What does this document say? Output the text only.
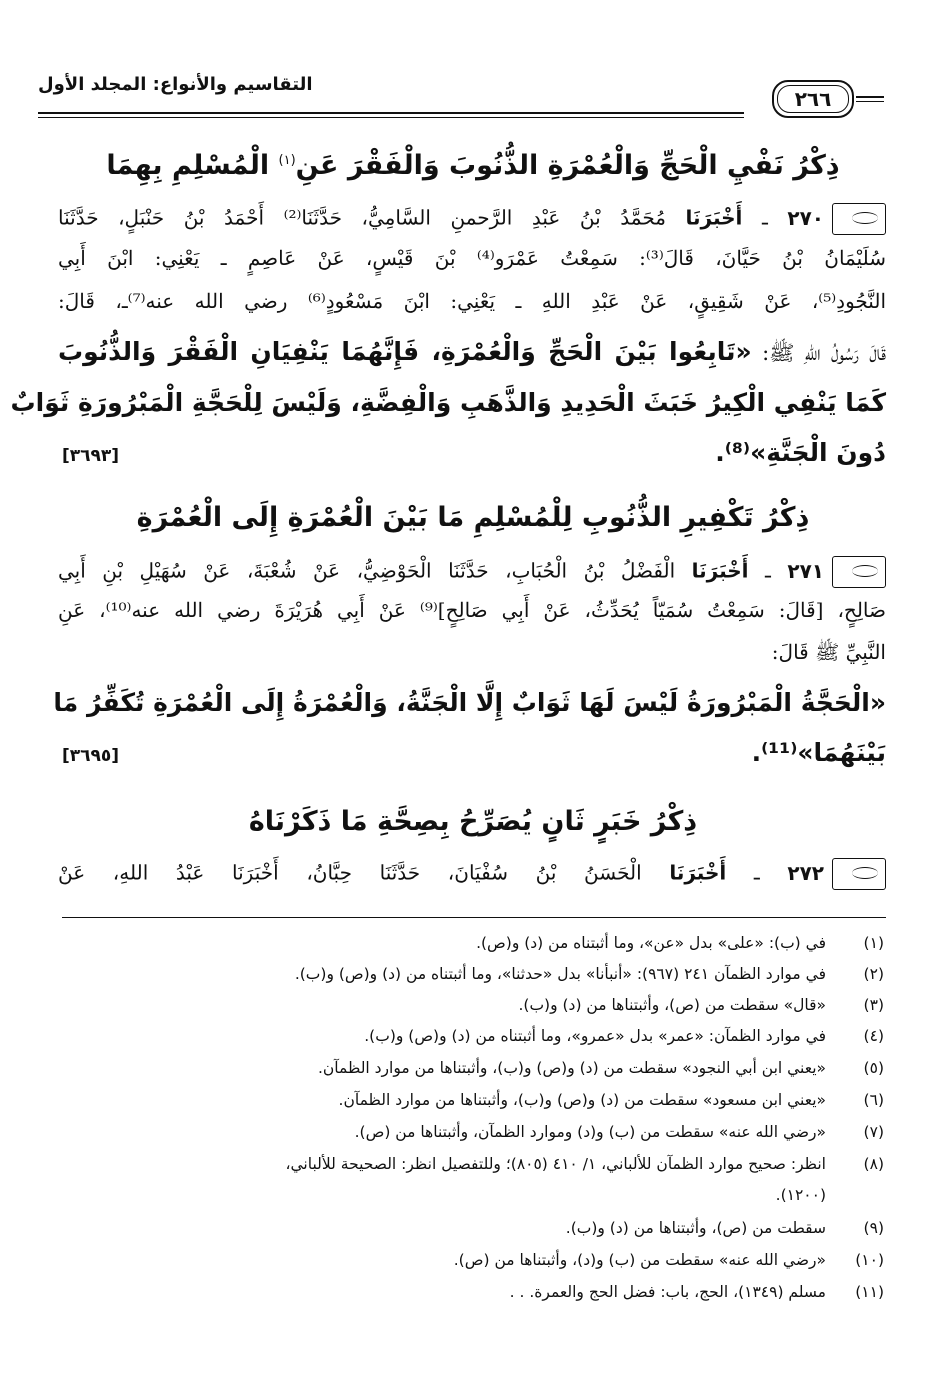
٢٦٦
التقاسيم والأنواع: المجلد الأول
ذِكْرُ نَفْيِ الْحَجِّ وَالْعُمْرَةِ الذُّنُوبَ وَالْفَقْرَ عَنِ$^{(١)}$ الْمُسْلِمِ بِهِمَا
٢٧٠ ـ أَخْبَرَنَا مُحَمَّدُ بْنُ عَبْدِ الرَّحمنِ السَّامِيُّ، حَدَّثَنَا⁽²⁾ أَحْمَدُ بْنُ حَنْبَلٍ، حَدَّثَنَا
سُلَيْمَانُ بْنُ حَيَّانَ، قَالَ⁽³⁾: سَمِعْتُ عَمْرَو⁽⁴⁾ بْنَ قَيْسٍ، عَنْ عَاصِمٍ ـ يَعْنِي: ابْنَ أَبِي
النَّجُودِ⁽⁵⁾، عَنْ شَقِيقٍ، عَنْ عَبْدِ اللهِ ـ يَعْنِي: ابْنَ مَسْعُودٍ⁽⁶⁾ رضي الله عنه⁽⁷⁾ـ، قَالَ:
قَالَ رَسُولُ اللهِ ﷺ: «تَابِعُوا بَيْنَ الْحَجِّ وَالْعُمْرَةِ، فَإِنَّهُمَا يَنْفِيَانِ الْفَقْرَ وَالذُّنُوبَ
كَمَا يَنْفِي الْكِيرُ خَبَثَ الْحَدِيدِ وَالذَّهَبِ وَالْفِضَّةِ، وَلَيْسَ لِلْحَجَّةِ الْمَبْرُورَةِ ثَوَابٌ
دُونَ الْجَنَّةِ»⁽⁸⁾.
[٣٦٩٣]
ذِكْرُ تَكْفِيرِ الذُّنُوبِ لِلْمُسْلِمِ مَا بَيْنَ الْعُمْرَةِ إِلَى الْعُمْرَةِ
٢٧١ ـ أَخْبَرَنَا الْفَضْلُ بْنُ الْحُبَابِ، حَدَّثَنَا الْحَوْضِيُّ، عَنْ شُعْبَةَ، عَنْ سُهَيْلِ بْنِ أَبِي
صَالِحٍ، [قَالَ: سَمِعْتُ سُمَيّاً يُحَدِّثُ، عَنْ أَبِي صَالِحٍ]⁽⁹⁾ عَنْ أَبِي هُرَيْرَةَ رضي الله عنه⁽¹⁰⁾، عَنِ
النَّبِيِّ ﷺ قَالَ:
«الْحَجَّةُ الْمَبْرُورَةُ لَيْسَ لَهَا ثَوَابٌ إِلَّا الْجَنَّةُ، وَالْعُمْرَةُ إِلَى الْعُمْرَةِ تُكَفِّرُ مَا
بَيْنَهُمَا»⁽¹¹⁾.
[٣٦٩٥]
ذِكْرُ خَبَرٍ ثَانٍ يُصَرِّحُ بِصِحَّةِ مَا ذَكَرْنَاهُ
٢٧٢ ـ أَخْبَرَنَا الْحَسَنُ بْنُ سُفْيَانَ، حَدَّثَنَا حِبَّانُ، أَخْبَرَنَا عَبْدُ اللهِ، عَنْ
(١)
في (ب): «على» بدل «عن»، وما أثبتناه من (د) و(ص).
(٢)
في موارد الظمآن ٢٤١ (٩٦٧): «أنبأنا» بدل «حدثنا»، وما أثبتناه من (د) و(ص) و(ب).
(٣)
«قال» سقطت من (ص)، وأثبتناها من (د) و(ب).
(٤)
في موارد الظمآن: «عمر» بدل «عمرو»، وما أثبتناه من (د) و(ص) و(ب).
(٥)
«يعني ابن أبي النجود» سقطت من (د) و(ص) و(ب)، وأثبتناها من موارد الظمآن.
(٦)
«يعني ابن مسعود» سقطت من (د) و(ص) و(ب)، وأثبتناها من موارد الظمآن.
(٧)
«رضي الله عنه» سقطت من (ب) و(د) وموارد الظمآن، وأثبتناها من (ص).
(٨)
انظر: صحيح موارد الظمآن للألباني، ١/ ٤١٠ (٨٠٥)؛ وللتفصيل انظر: الصحيحة للألباني،
(١٢٠٠).
(٩)
سقطت من (ص)، وأثبتناها من (د) و(ب).
(١٠)
«رضي الله عنه» سقطت من (ب) و(د)، وأثبتناها من (ص).
(١١)
مسلم (١٣٤٩)، الحج، باب: فضل الحج والعمرة. . .
